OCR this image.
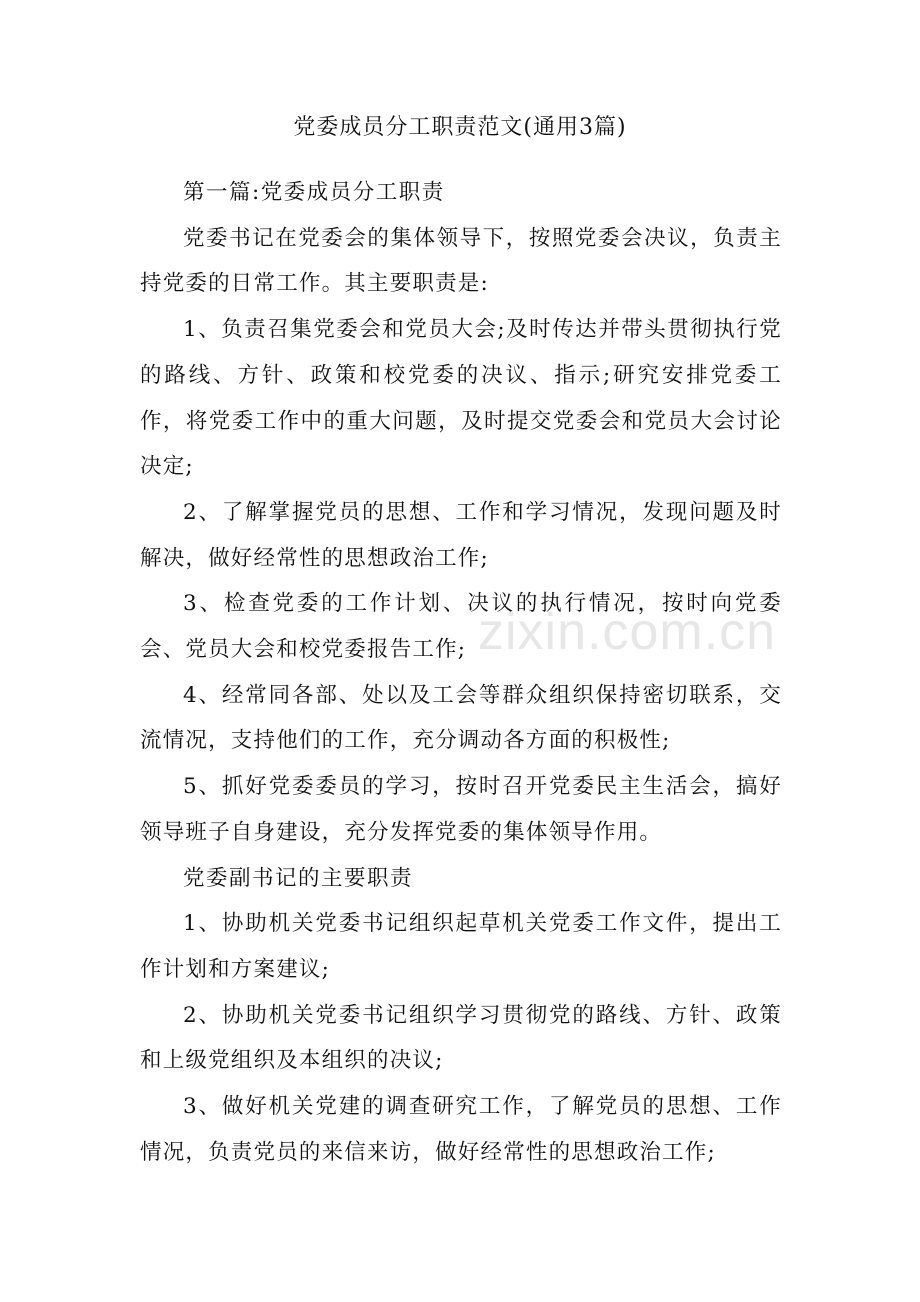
党委成员分工职责范文(通用3篇)

第一篇:党委成员分工职责

党委书记在党委会的集体领导下，按照党委会决议，负责主持党委的日常工作。其主要职责是:

1、负责召集党委会和党员大会;及时传达并带头贯彻执行党的路线、方针、政策和校党委的决议、指示;研究安排党委工作，将党委工作中的重大问题，及时提交党委会和党员大会讨论决定;

2、了解掌握党员的思想、工作和学习情况，发现问题及时解决，做好经常性的思想政治工作;

3、检查党委的工作计划、决议的执行情况，按时向党委会、党员大会和校党委报告工作;

4、经常同各部、处以及工会等群众组织保持密切联系，交流情况，支持他们的工作，充分调动各方面的积极性;

5、抓好党委委员的学习，按时召开党委民主生活会，搞好领导班子自身建设，充分发挥党委的集体领导作用。

党委副书记的主要职责

1、协助机关党委书记组织起草机关党委工作文件，提出工作计划和方案建议;

2、协助机关党委书记组织学习贯彻党的路线、方针、政策和上级党组织及本组织的决议;

3、做好机关党建的调查研究工作，了解党员的思想、工作情况，负责党员的来信来访，做好经常性的思想政治工作;

zixin.com.cn
